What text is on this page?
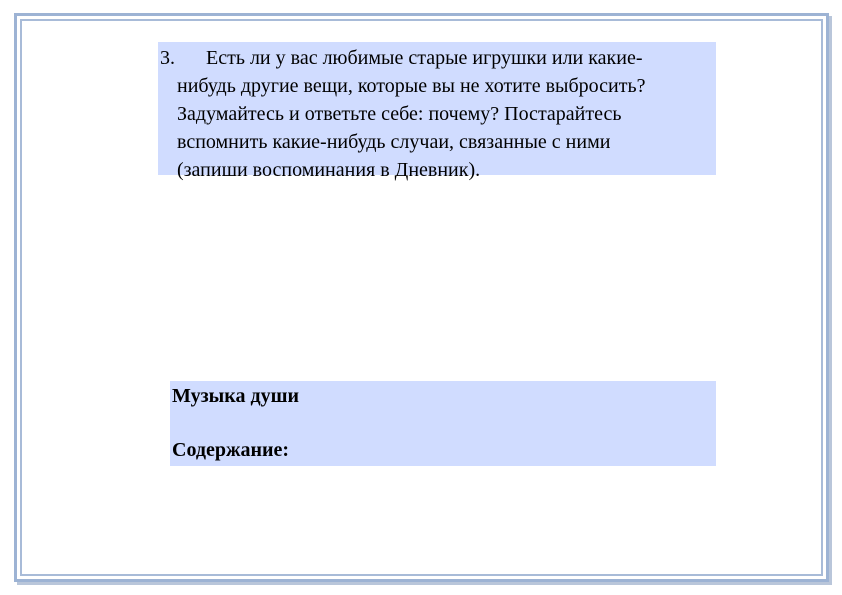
3. Есть ли у вас любимые старые игрушки или какие-
нибудь другие вещи, которые вы не хотите выбросить?
Задумайтесь и ответьте себе: почему? Постарайтесь
вспомнить какие-нибудь случаи, связанные с ними
(запиши воспоминания в Дневник).
Музыка души
Содержание:
